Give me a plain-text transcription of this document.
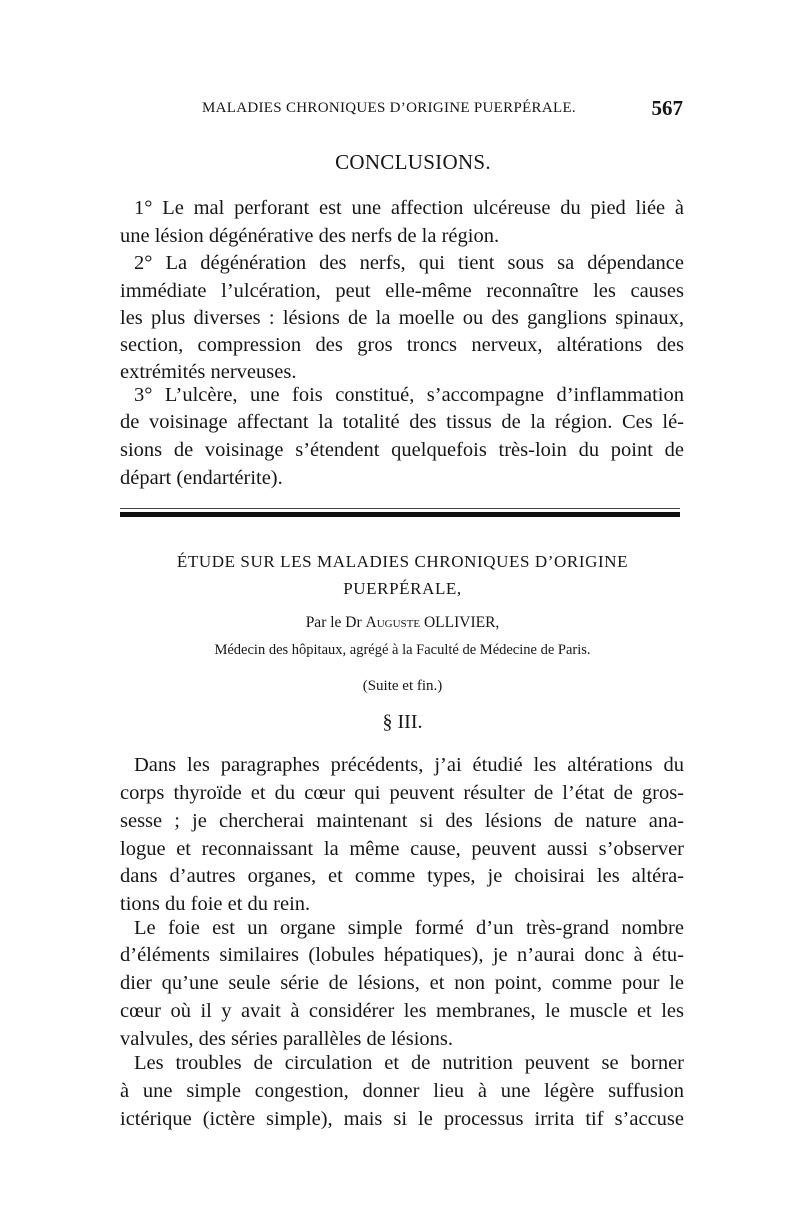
MALADIES CHRONIQUES D’ORIGINE PUERPÉRALE.	567
CONCLUSIONS.
1° Le mal perforant est une affection ulcéreuse du pied liée à
une lésion dégénérative des nerfs de la région.
2° La dégénération des nerfs, qui tient sous sa dépendance
immédiate l’ulcération, peut elle-même reconnaître les causes
les plus diverses : lésions de la moelle ou des ganglions spinaux,
section, compression des gros troncs nerveux, altérations des
extrémités nerveuses.
3° L’ulcère, une fois constitué, s’accompagne d’inflammation
de voisinage affectant la totalité des tissus de la région. Ces lé-
sions de voisinage s’étendent quelquefois très-loin du point de
départ (endartérite).
ÉTUDE SUR LES MALADIES CHRONIQUES D’ORIGINE
PUERPÉRALE,
Par le Dr Auguste OLLIVIER,
Médecin des hôpitaux, agrégé à la Faculté de Médecine de Paris.
(Suite et fin.)
§ III.
Dans les paragraphes précédents, j’ai étudié les altérations du
corps thyroïde et du cœur qui peuvent résulter de l’état de gros-
sesse ; je chercherai maintenant si des lésions de nature ana-
logue et reconnaissant la même cause, peuvent aussi s’observer
dans d’autres organes, et comme types, je choisirai les altéra-
tions du foie et du rein.
Le foie est un organe simple formé d’un très-grand nombre
d’éléments similaires (lobules hépatiques), je n’aurai donc à étu-
dier qu’une seule série de lésions, et non point, comme pour le
cœur où il y avait à considérer les membranes, le muscle et les
valvules, des séries parallèles de lésions.
Les troubles de circulation et de nutrition peuvent se borner
à une simple congestion, donner lieu à une légère suffusion
ictérique (ictère simple), mais si le processus irrita tif s’accuse
